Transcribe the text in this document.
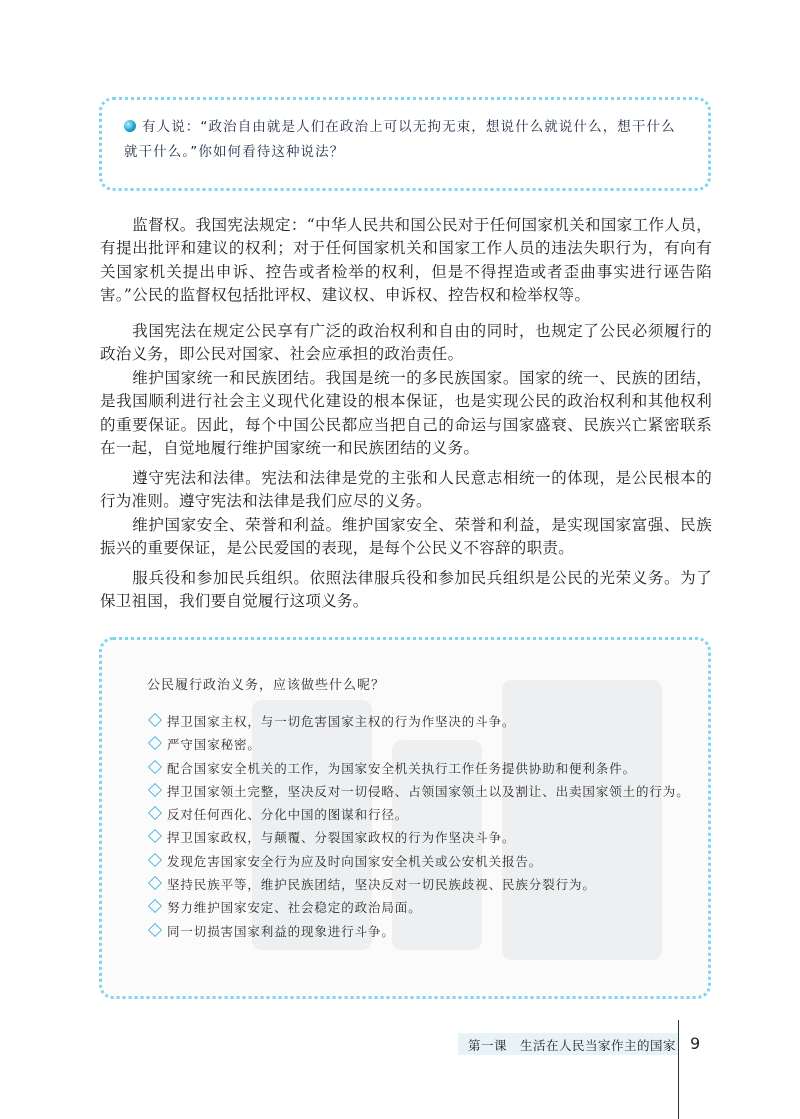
有人说：“政治自由就是人们在政治上可以无拘无束，想说什么就说什么，想干什么就干什么。”你如何看待这种说法？
监督权。我国宪法规定：“中华人民共和国公民对于任何国家机关和国家工作人员，有提出批评和建议的权利；对于任何国家机关和国家工作人员的违法失职行为，有向有关国家机关提出申诉、控告或者检举的权利，但是不得捏造或者歪曲事实进行诬告陷害。”公民的监督权包括批评权、建议权、申诉权、控告权和检举权等。
我国宪法在规定公民享有广泛的政治权利和自由的同时，也规定了公民必须履行的政治义务，即公民对国家、社会应承担的政治责任。
维护国家统一和民族团结。我国是统一的多民族国家。国家的统一、民族的团结，是我国顺利进行社会主义现代化建设的根本保证，也是实现公民的政治权利和其他权利的重要保证。因此，每个中国公民都应当把自己的命运与国家盛衰、民族兴亡紧密联系在一起，自觉地履行维护国家统一和民族团结的义务。
遵守宪法和法律。宪法和法律是党的主张和人民意志相统一的体现，是公民根本的行为准则。遵守宪法和法律是我们应尽的义务。
维护国家安全、荣誉和利益。维护国家安全、荣誉和利益，是实现国家富强、民族振兴的重要保证，是公民爱国的表现，是每个公民义不容辞的职责。
服兵役和参加民兵组织。依照法律服兵役和参加民兵组织是公民的光荣义务。为了保卫祖国，我们要自觉履行这项义务。
公民履行政治义务，应该做些什么呢？
捍卫国家主权，与一切危害国家主权的行为作坚决的斗争。
严守国家秘密。
配合国家安全机关的工作，为国家安全机关执行工作任务提供协助和便利条件。
捍卫国家领土完整，坚决反对一切侵略、占领国家领土以及割让、出卖国家领土的行为。
反对任何西化、分化中国的图谋和行径。
捍卫国家政权，与颠覆、分裂国家政权的行为作坚决斗争。
发现危害国家安全行为应及时向国家安全机关或公安机关报告。
坚持民族平等，维护民族团结，坚决反对一切民族歧视、民族分裂行为。
努力维护国家安定、社会稳定的政治局面。
同一切损害国家利益的现象进行斗争。
第一课　生活在人民当家作主的国家 9
